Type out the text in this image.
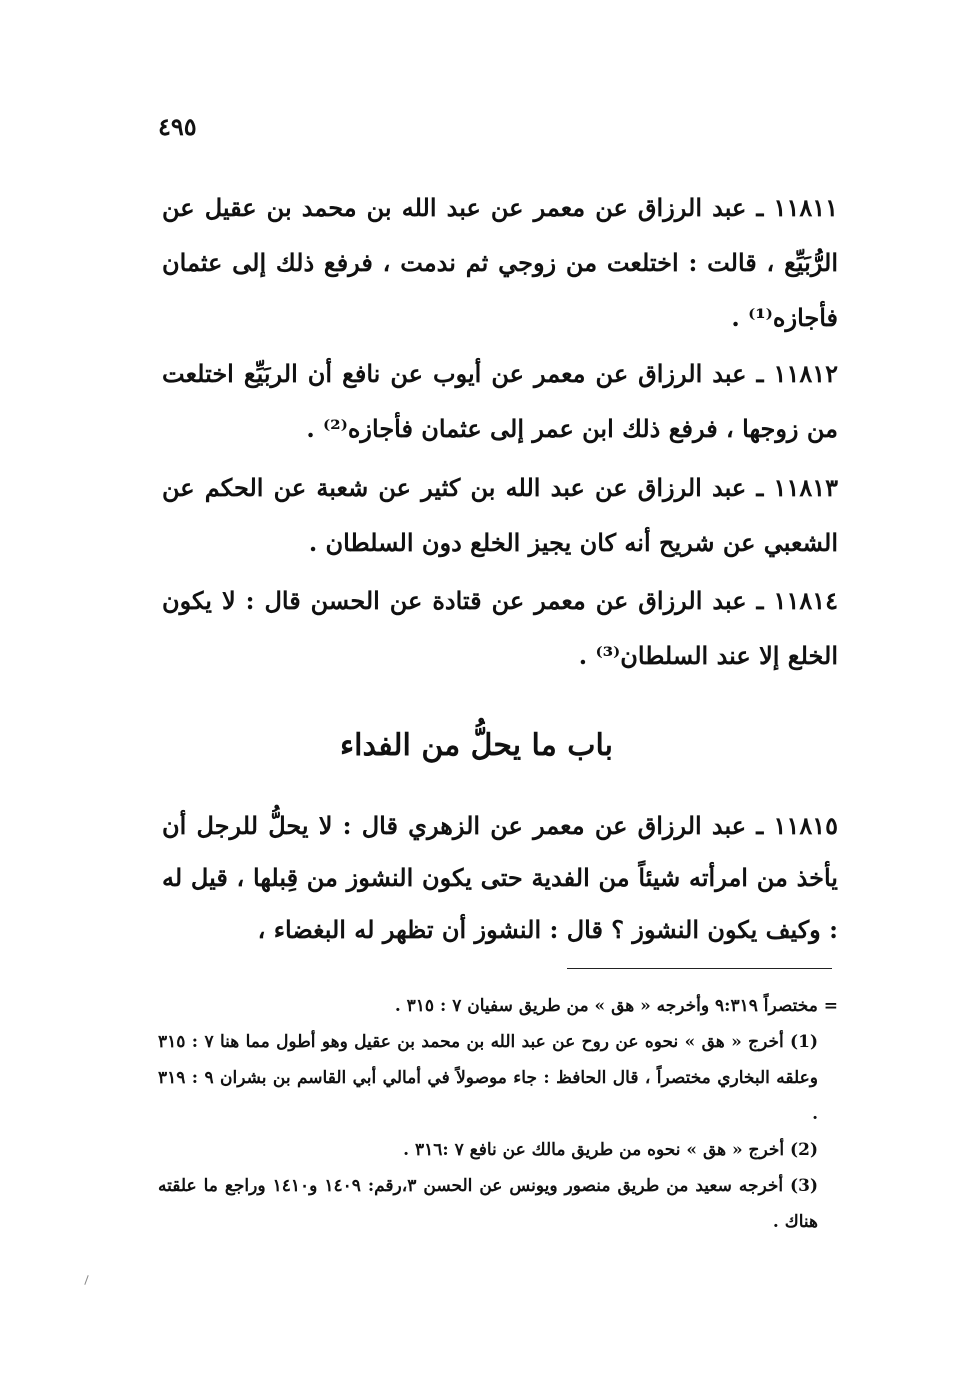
٤٩٥
١١٨١١ ـ عبد الرزاق عن معمر عن عبد الله بن محمد بن عقيل عن الرُّبَيِّع ، قالت : اختلعت من زوجي ثم ندمت ، فرفع ذلك إلى عثمان فأجازه⁽¹⁾ .
١١٨١٢ ـ عبد الرزاق عن معمر عن أيوب عن نافع أن الربَيِّع اختلعت من زوجها ، فرفع ذلك ابن عمر إلى عثمان فأجازه⁽²⁾ .
١١٨١٣ ـ عبد الرزاق عن عبد الله بن كثير عن شعبة عن الحكم عن الشعبي عن شريح أنه كان يجيز الخلع دون السلطان .
١١٨١٤ ـ عبد الرزاق عن معمر عن قتادة عن الحسن قال : لا يكون الخلع إلا عند السلطان⁽³⁾ .
باب ما يحلُّ من الفداء
١١٨١٥ ـ عبد الرزاق عن معمر عن الزهري قال : لا يحلُّ للرجل أن يأخذ من امرأته شيئاً من الفدية حتى يكون النشوز من قِبلها ، قيل له : وكيف يكون النشوز ؟ قال : النشوز أن تظهر له البغضاء ،

= مختصراً ٩:٣١٩ وأخرجه « هق » من طريق سفيان ٧ : ٣١٥ .

(1) أخرج « هق » نحوه عن روح عن عبد الله بن محمد بن عقيل وهو أطول مما هنا ٧ : ٣١٥ وعلقه البخاري مختصراً ، قال الحافظ : جاء موصولاً في أمالي أبي القاسم بن بشران ٩ : ٣١٩ .

(2) أخرج « هق » نحوه من طريق مالك عن نافع ٧ :٣١٦ .

(3) أخرجه سعيد من طريق منصور ويونس عن الحسن ٣،رقم: ١٤٠٩ و١٤١٠ وراجع ما علقته هناك .
